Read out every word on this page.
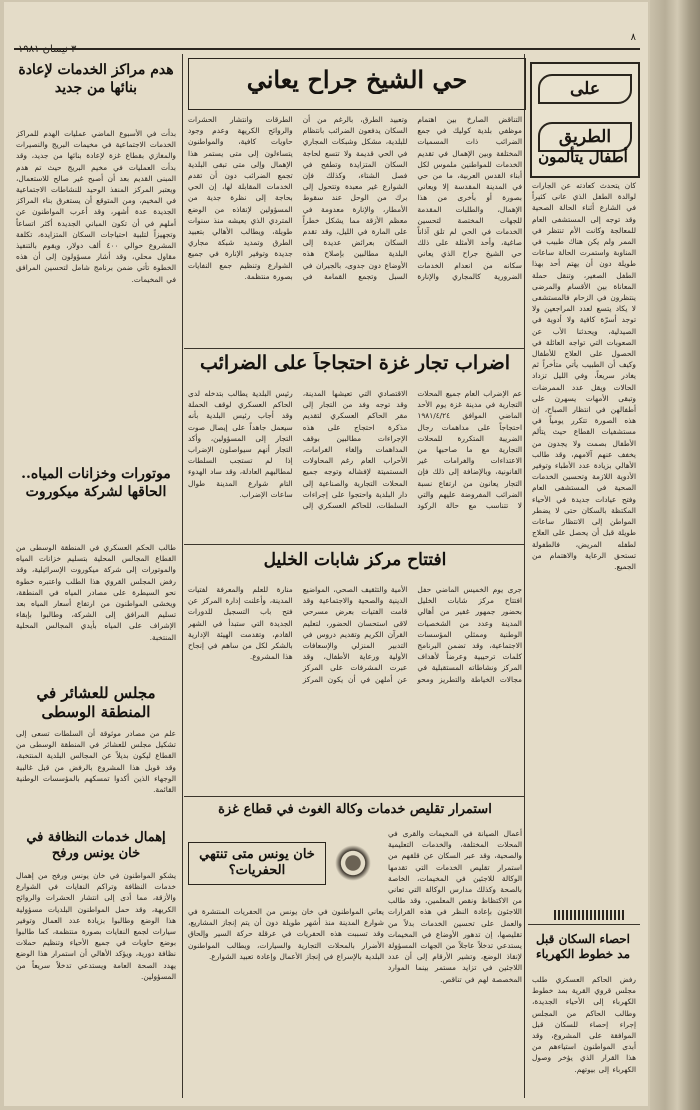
٨
٣٠ نيسان ١٩٨١
على
الطريق
أطفال يتألمون
كان يتحدث كعادته عن الجارات لوالدة الطفل الذي عانى كثيراً في الشارع أثناء الحالة الصحية وقد توجه إلى المستشفى العام للمعالجة وكانت الأم تنتظر في الممر ولم يكن هناك طبيب في المناوبة واستمرت الحالة ساعات طويلة دون أن يهتم أحد بهذا الطفل الصغير، وتنقل حملة المعاناة بين الأقسام والمرضى ينتظرون في الزحام فالمستشفى لا يكاد يتسع لعدد المراجعين ولا توجد أسرّة كافية ولا أدوية في الصيدلية، ويحدثنا الأب عن الصعوبات التي تواجه العائلة في الحصول على العلاج للأطفال وكيف أن الطبيب يأتي متأخراً ثم يغادر سريعاً، وفي الليل تزداد الحالات ويقل عدد الممرضات وتبقى الأمهات يسهرن على أطفالهن في انتظار الصباح، إن هذه الصورة تتكرر يومياً في مستشفيات القطاع حيث يتألم الأطفال بصمت ولا يجدون من يخفف عنهم آلامهم، وقد طالب الأهالي بزيادة عدد الأطباء وتوفير الأدوية اللازمة وتحسين الخدمات الصحية في المستشفى العام وفتح عيادات جديدة في الأحياء المكتظة بالسكان حتى لا يضطر المواطن إلى الانتظار ساعات طويلة قبل أن يحصل على العلاج لطفله المريض، فالطفولة تستحق الرعاية والاهتمام من الجميع.
احصاء السكان قبل مد خطوط الكهرباء
رفض الحاكم العسكري طلب مجلس قروي القرية بمد خطوط الكهرباء إلى الأحياء الجديدة، وطالب الحاكم من المجلس إجراء إحصاء للسكان قبل الموافقة على المشروع، وقد أبدى المواطنون استياءهم من هذا القرار الذي يؤخر وصول الكهرباء إلى بيوتهم.
حي الشيخ جراح يعاني
التناقض الصارخ بين اهتمام موظفي بلدية كوليك في جمع الضرائب ذات المسميات المختلفة وبين الإهمال في تقديم الخدمات للمواطنين ملموس لكل أبناء القدس العربية، ما من حي في المدينة المقدسة إلا ويعاني بصورة أو بأخرى من هذا الإهمال، والطلبات المقدمة للجهات المختصة لتحسين الخدمات في الحي لم تلق آذاناً صاغية، وأحد الأمثلة على ذلك حي الشيخ جراح الذي يعاني سكانه من انعدام الخدمات الضرورية كالمجاري والإنارة وتعبيد الطرق، بالرغم من أن السكان يدفعون الضرائب بانتظام للبلدية، مشكل وشبكات المجاري في الحي قديمة ولا تتسع لحاجة السكان المتزايدة وتطفح في فصل الشتاء، وكذلك فإن الشوارع غير معبدة وتتحول إلى برك من الوحل عند سقوط الأمطار، والإنارة معدومة في معظم الأزقة مما يشكل خطراً على المارة في الليل، وقد تقدم السكان بعرائض عديدة إلى البلدية مطالبين بإصلاح هذه الأوضاع دون جدوى، بالجيران في السبل وتجمع القمامة في الطرقات وانتشار الحشرات والروائح الكريهة وعدم وجود حاويات كافية، والمواطنون يتساءلون إلى متى يستمر هذا الإهمال وإلى متى تبقى البلدية تجمع الضرائب دون أن تقدم الخدمات المقابلة لها، إن الحي بحاجة إلى نظرة جدية من المسؤولين لإنقاذه من الوضع المتردي الذي يعيشه منذ سنوات طويلة، ويطالب الأهالي بتعبيد الطرق وتمديد شبكة مجاري جديدة وتوفير الإنارة في جميع الشوارع وتنظيم جمع النفايات بصورة منتظمة.
اضراب تجار غزة احتجاجاً على الضرائب
عم الإضراب العام جميع المحلات التجارية في مدينة غزة يوم الأحد الماضي الموافق ١٩٨١/٤/٢٤ احتجاجاً على مداهمات رجال الضريبة المتكررة للمحلات التجارية مع ما صاحبها من الاعتداءات والغرامات غير القانونية، وبالإضافة إلى ذلك فإن التجار يعانون من ارتفاع نسبة الضرائب المفروضة عليهم والتي لا تتناسب مع حالة الركود الاقتصادي التي تعيشها المدينة، وقد توجه وفد من التجار إلى مقر الحاكم العسكري لتقديم مذكرة احتجاج على هذه الإجراءات مطالبين بوقف المداهمات وإلغاء الغرامات، الأحراب العام رغم المحاولات المستميتة لإفشاله وتوجه جميع المحلات التجارية والصناعية إلى دار البلدية واحتجوا على إجراءات السلطات، للحاكم العسكري إلى رئيس البلدية يطالب بتدخله لدى الحاكم العسكري لوقف الحملة وقد أجاب رئيس البلدية بأنه سيعمل جاهداً على إيصال صوت التجار إلى المسؤولين، وأكد التجار أنهم سيواصلون الإضراب إذا لم تستجب السلطات لمطالبهم العادلة، وقد ساد الهدوء التام شوارع المدينة طوال ساعات الإضراب.
افتتاح مركز شابات الخليل
جرى يوم الخميس الماضي حفل افتتاح مركز شابات الخليل بحضور جمهور غفير من أهالي المدينة وعدد من الشخصيات الوطنية وممثلي المؤسسات الاجتماعية، وقد تضمن البرنامج كلمات ترحيبية وعرضاً لأهداف المركز ونشاطاته المستقبلية في مجالات الخياطة والتطريز ومحو الأمية والتثقيف الصحي، المواضيع الدينية والصحية والاجتماعية وقد قامت الفتيات بعرض مسرحي لاقى استحسان الحضور، لتعليم القرآن الكريم وتقديم دروس في التدبير المنزلي والإسعافات الأولية ورعاية الأطفال، وقد عبرت المشرفات على المركز عن أملهن في أن يكون المركز منارة للعلم والمعرفة لفتيات المدينة، وأعلنت إدارة المركز عن فتح باب التسجيل للدورات الجديدة التي ستبدأ في الشهر القادم، وتقدمت الهيئة الإدارية بالشكر لكل من ساهم في إنجاح هذا المشروع.
استمرار تقليص خدمات وكالة الغوث في قطاع غزة
أعمال الصيانة في المخيمات والقرى في المحلات المختلفة، والخدمات التعليمية والصحية، وقد عبر السكان عن قلقهم من استمرار تقليص الخدمات التي تقدمها الوكالة للاجئين في المخيمات، الخاصة بالصحة وكذلك مدارس الوكالة التي تعاني من الاكتظاظ ونقص المعلمين، وقد طالب اللاجئون بإعادة النظر في هذه القرارات والعمل على تحسين الخدمات بدلاً من تقليصها، إن تدهور الأوضاع في المخيمات يستدعي تدخلاً عاجلاً من الجهات المسؤولة لإنقاذ الوضع، وتشير الأرقام إلى أن عدد اللاجئين في تزايد مستمر بينما الموارد المخصصة لهم في تناقص.
خان يونس متى تنتهي الحفريات؟
يعاني المواطنون في خان يونس من الحفريات المنتشرة في شوارع المدينة منذ أشهر طويلة دون أن يتم إنجاز المشاريع، وقد تسببت هذه الحفريات في عرقلة حركة السير وإلحاق الأضرار بالمحلات التجارية والسيارات، ويطالب المواطنون البلدية بالإسراع في إنجاز الأعمال وإعادة تعبيد الشوارع.
هدم مراكز الخدمات لإعادة بنائها من جديد
بدأت في الأسبوع الماضي عمليات الهدم للمراكز الخدمات الاجتماعية في مخيمات البريج والنصيرات والمغازي بقطاع غزة لإعادة بنائها من جديد، وقد بدأت العمليات في مخيم البريج حيث تم هدم المبنى القديم بعد أن أصبح غير صالح للاستعمال، ويعتبر المركز المنفذ الوحيد للنشاطات الاجتماعية في المخيم، ومن المتوقع أن يستغرق بناء المراكز الجديدة عدة أشهر، وقد أعرب المواطنون عن أملهم في أن تكون المباني الجديدة أكثر اتساعاً وتجهيزاً لتلبية احتياجات السكان المتزايدة، تكلفة المشروع حوالي ٤٠٠ ألف دولار، ويقوم بالتنفيذ مقاول محلي، وقد أشار مسؤولون إلى أن هذه الخطوة تأتي ضمن برنامج شامل لتحسين المرافق في المخيمات.
موتورات وخزانات المياه.. الحاقها لشركة ميكوروت
طالب الحكم العسكري في المنطقة الوسطى من القطاع المجالس المحلية بتسليم خزانات المياه والموتورات إلى شركة ميكوروت الإسرائيلية، وقد رفض المجلس القروي هذا الطلب واعتبره خطوة نحو السيطرة على مصادر المياه في المنطقة، ويخشى المواطنون من ارتفاع أسعار المياه بعد تسليم المرافق إلى الشركة، وطالبوا بإبقاء الإشراف على المياه بأيدي المجالس المحلية المنتخبة.
مجلس للعشائر في المنطقة الوسطى
علم من مصادر موثوقة أن السلطات تسعى إلى تشكيل مجلس للعشائر في المنطقة الوسطى من القطاع ليكون بديلاً عن المجالس البلدية المنتخبة، وقد قوبل هذا المشروع بالرفض من قبل غالبية الوجهاء الذين أكدوا تمسكهم بالمؤسسات الوطنية القائمة.
إهمال خدمات النظافة في خان يونس ورفح
يشكو المواطنون في خان يونس ورفح من إهمال خدمات النظافة وتراكم النفايات في الشوارع والأزقة، مما أدى إلى انتشار الحشرات والروائح الكريهة، وقد حمل المواطنون البلديات مسؤولية هذا الوضع وطالبوا بزيادة عدد العمال وتوفير سيارات لجمع النفايات بصورة منتظمة، كما طالبوا بوضع حاويات في جميع الأحياء وتنظيم حملات نظافة دورية، ويؤكد الأهالي أن استمرار هذا الوضع يهدد الصحة العامة ويستدعي تدخلاً سريعاً من المسؤولين.
